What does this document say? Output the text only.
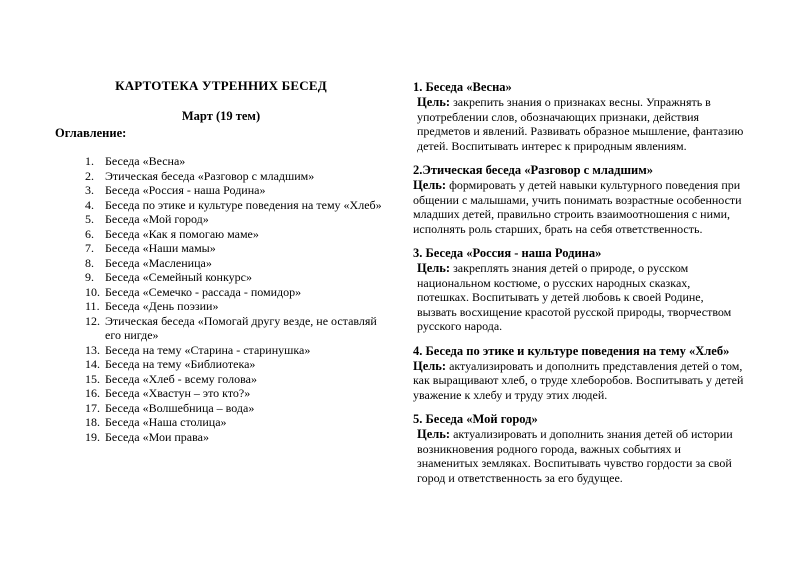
КАРТОТЕКА УТРЕННИХ БЕСЕД
Март (19 тем)
Оглавление:
Беседа «Весна»
Этическая беседа «Разговор с младшим»
Беседа «Россия - наша Родина»
Беседа по этике и культуре поведения на тему «Хлеб»
Беседа «Мой город»
Беседа «Как я помогаю маме»
Беседа «Наши мамы»
Беседа «Масленица»
Беседа «Семейный конкурс»
Беседа «Семечко - рассада - помидор»
Беседа «День поэзии»
Этическая беседа «Помогай другу везде, не оставляй его нигде»
Беседа на тему «Старина - старинушка»
Беседа на тему «Библиотека»
Беседа «Хлеб - всему голова»
Беседа «Хвастун – это кто?»
Беседа «Волшебница – вода»
Беседа «Наша столица»
Беседа «Мои права»
1. Беседа «Весна»

Цель: закрепить знания о признаках весны. Упражнять в употреблении слов, обозначающих признаки, действия предметов и явлений. Развивать образное мышление, фантазию детей. Воспитывать интерес к природным явлениям.

2.Этическая беседа «Разговор с младшим»

Цель: формировать у детей навыки культурного поведения при общении с малышами, учить понимать возрастные особенности младших детей, правильно строить взаимоотношения с ними, исполнять роль старших, брать на себя ответственность.

3. Беседа «Россия - наша Родина»

Цель: закреплять знания детей о природе, о русском национальном костюме, о русских народных сказках, потешках. Воспитывать у детей любовь к своей Родине, вызвать восхищение красотой русской природы, творчеством русского народа.

4. Беседа по этике и культуре поведения на тему «Хлеб»

Цель: актуализировать и дополнить представления детей о том, как выращивают хлеб, о труде хлеборобов. Воспитывать у детей уважение к хлебу и труду этих людей.

5. Беседа «Мой город»

Цель: актуализировать и дополнить знания детей об истории возникновения родного города, важных событиях и знаменитых земляках. Воспитывать чувство гордости за свой город и ответственность за его будущее.
